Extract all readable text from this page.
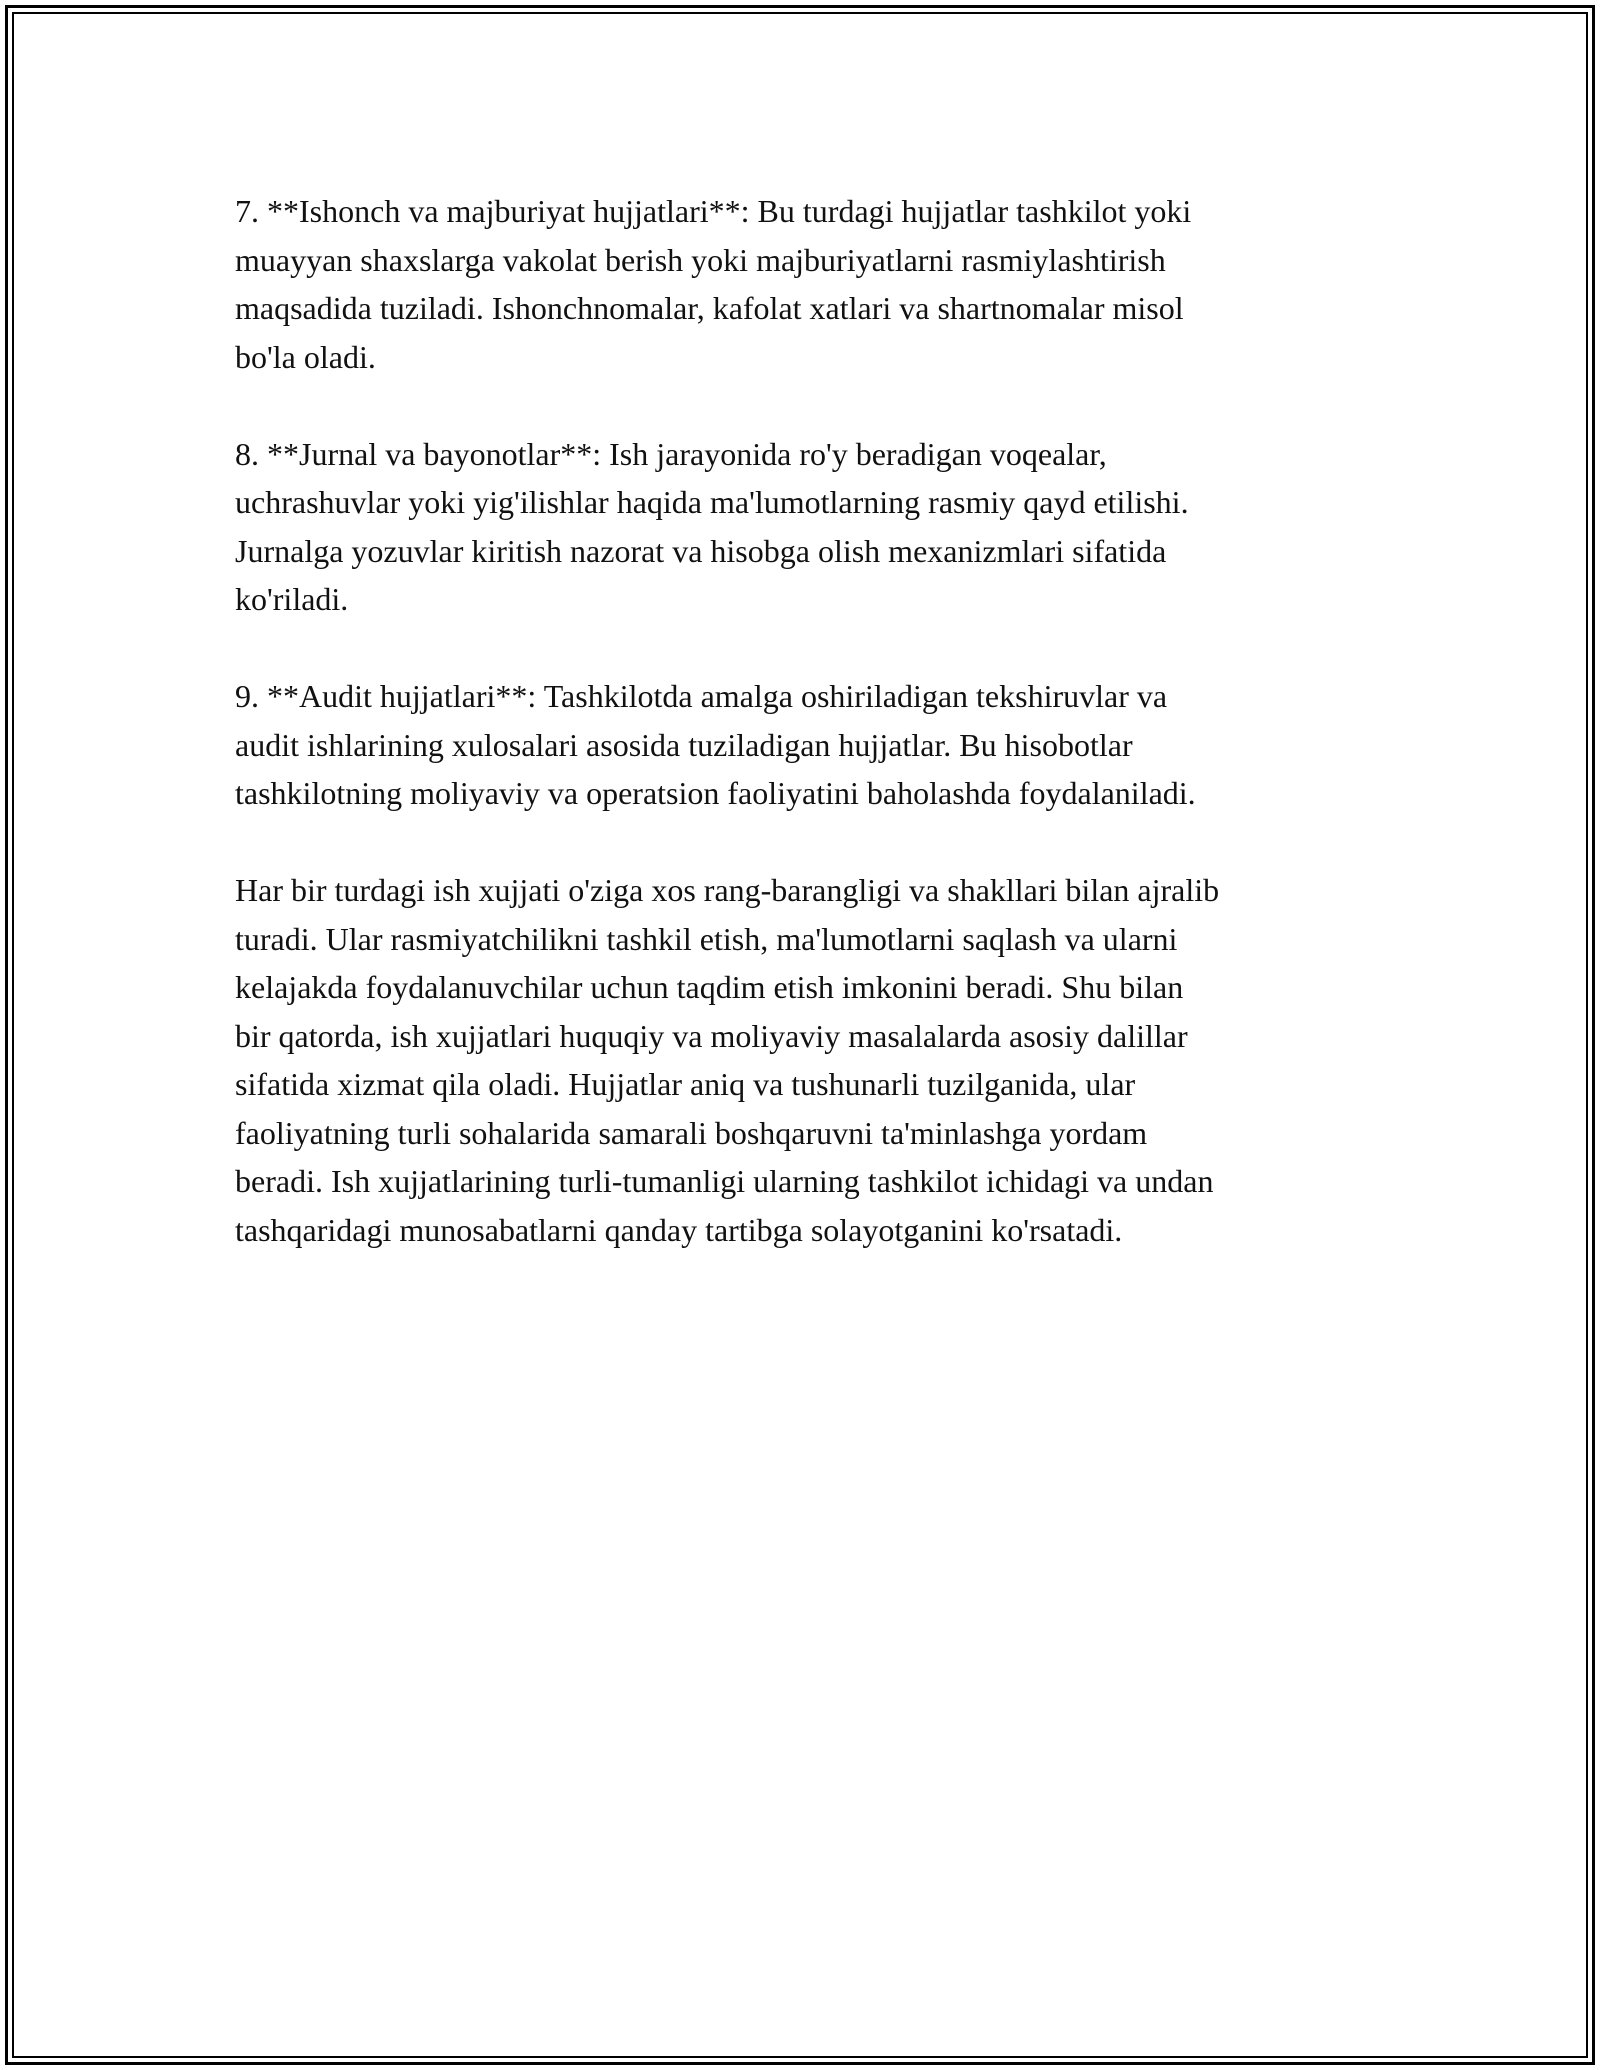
7. **Ishonch va majburiyat hujjatlari**: Bu turdagi hujjatlar tashkilot yoki
muayyan shaxslarga vakolat berish yoki majburiyatlarni rasmiylashtirish
maqsadida tuziladi. Ishonchnomalar, kafolat xatlari va shartnomalar misol
bo'la oladi.

8. **Jurnal va bayonotlar**: Ish jarayonida ro'y beradigan voqealar,
uchrashuvlar yoki yig'ilishlar haqida ma'lumotlarning rasmiy qayd etilishi.
Jurnalga yozuvlar kiritish nazorat va hisobga olish mexanizmlari sifatida
ko'riladi.

9. **Audit hujjatlari**: Tashkilotda amalga oshiriladigan tekshiruvlar va
audit ishlarining xulosalari asosida tuziladigan hujjatlar. Bu hisobotlar
tashkilotning moliyaviy va operatsion faoliyatini baholashda foydalaniladi.

Har bir turdagi ish xujjati o'ziga xos rang-barangligi va shakllari bilan ajralib
turadi. Ular rasmiyatchilikni tashkil etish, ma'lumotlarni saqlash va ularni
kelajakda foydalanuvchilar uchun taqdim etish imkonini beradi. Shu bilan
bir qatorda, ish xujjatlari huquqiy va moliyaviy masalalarda asosiy dalillar
sifatida xizmat qila oladi. Hujjatlar aniq va tushunarli tuzilganida, ular
faoliyatning turli sohalarida samarali boshqaruvni ta'minlashga yordam
beradi. Ish xujjatlarining turli-tumanligi ularning tashkilot ichidagi va undan
tashqaridagi munosabatlarni qanday tartibga solayotganini ko'rsatadi.
